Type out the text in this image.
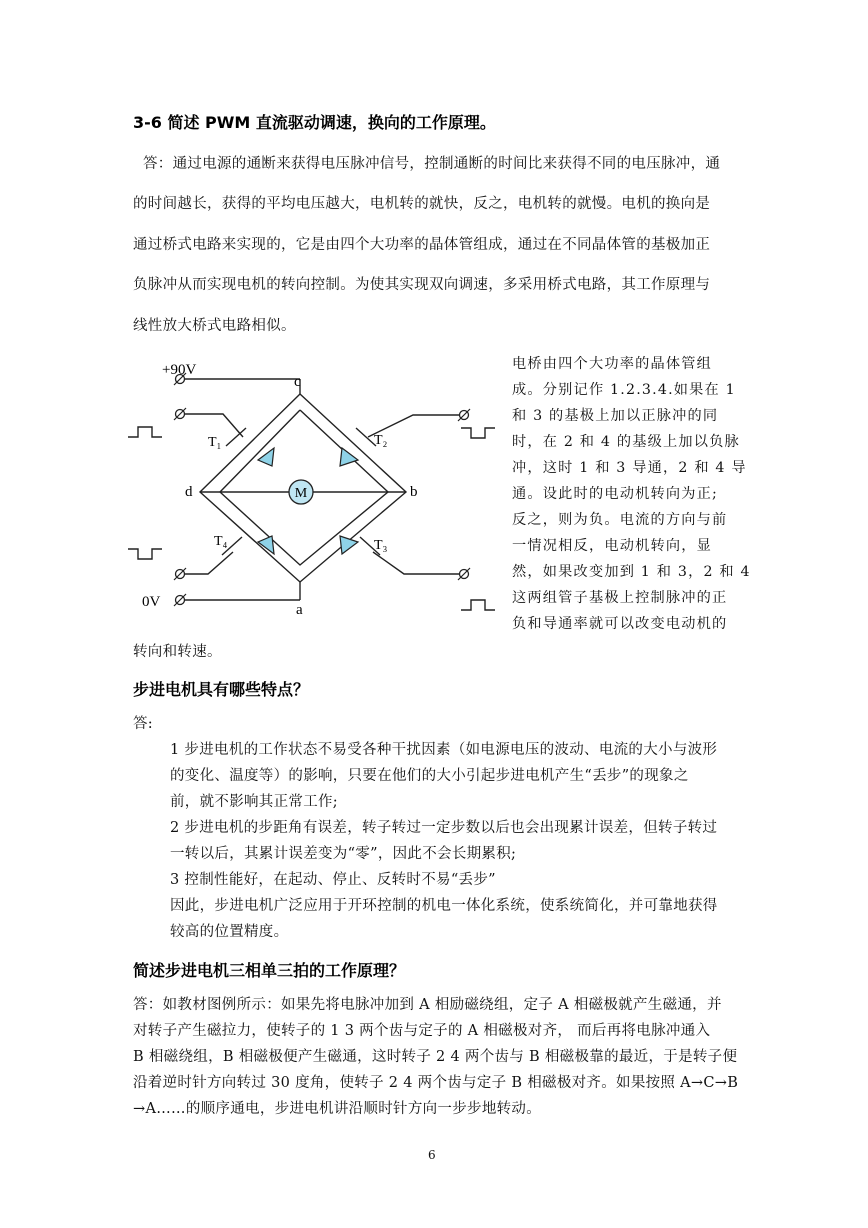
3-6 简述 PWM 直流驱动调速，换向的工作原理。
答：通过电源的通断来获得电压脉冲信号，控制通断的时间比来获得不同的电压脉冲，通
的时间越长，获得的平均电压越大，电机转的就快，反之，电机转的就慢。电机的换向是
通过桥式电路来实现的，它是由四个大功率的晶体管组成，通过在不同晶体管的基极加正
负脉冲从而实现电机的转向控制。为使其实现双向调速，多采用桥式电路，其工作原理与
线性放大桥式电路相似。
M
+90V
0V
c
d	b
a
T₁	T₂
T₃
T₄
电桥由四个大功率的晶体管组
成。分别记作 1.2.3.4.如果在 1
和 3 的基极上加以正脉冲的同
时，在 2 和 4 的基级上加以负脉
冲，这时 1 和 3 导通，2 和 4 导
通。设此时的电动机转向为正;
反之，则为负。电流的方向与前
一情况相反，电动机转向，显
然，如果改变加到 1 和 3，2 和 4
这两组管子基极上控制脉冲的正
负和导通率就可以改变电动机的
转向和转速。
步进电机具有哪些特点？
答:
1 步进电机的工作状态不易受各种干扰因素（如电源电压的波动、电流的大小与波形
的变化、温度等）的影响，只要在他们的大小引起步进电机产生“丢步”的现象之
前，就不影响其正常工作;
2 步进电机的步距角有误差，转子转过一定步数以后也会出现累计误差，但转子转过
一转以后，其累计误差变为“零”，因此不会长期累积;
3 控制性能好，在起动、停止、反转时不易“丢步”
因此，步进电机广泛应用于开环控制的机电一体化系统，使系统简化，并可靠地获得
较高的位置精度。
简述步进电机三相单三拍的工作原理？
答：如教材图例所示：如果先将电脉冲加到 A 相励磁绕组，定子 A 相磁极就产生磁通，并
对转子产生磁拉力，使转子的 1 3 两个齿与定子的 A 相磁极对齐， 而后再将电脉冲通入
B 相磁绕组，B 相磁极便产生磁通，这时转子 2 4 两个齿与 B 相磁极靠的最近，于是转子便
沿着逆时针方向转过 30 度角，使转子 2 4 两个齿与定子 B 相磁极对齐。如果按照 A→C→B
→A……的顺序通电，步进电机讲沿顺时针方向一步步地转动。
6
